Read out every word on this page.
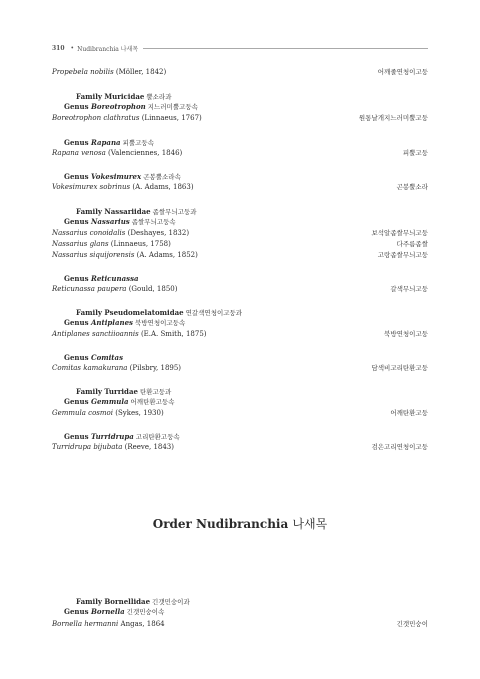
310 • Nudibranchia 나새목
Propebela nobilis (Möller, 1842)	어깨줄연청이고둥
Family Muricidae 뿔소라과
Genus Boreotrophon 지느러미뿔고둥속
Boreotrophon clathratus (Linnaeus, 1767)	원통날개지느러미뿔고둥
Genus Rapana 피뿔고둥속
Rapana venosa (Valenciennes, 1846)	피뿔고둥
Genus Vokesimurex 곤봉뿔소라속
Vokesimurex sobrinus (A. Adams, 1863)	곤봉뿔소라
Family Nassariidae 좁쌀무늬고둥과
Genus Nassarius 좁쌀무늬고둥속
Nassarius conoidalis (Deshayes, 1832)	보석알좁쌀무늬고둥
Nassarius glans (Linnaeus, 1758)	다주름좁쌀
Nassarius siquijorensis (A. Adams, 1852)	고랑좁쌀무늬고둥
Genus Reticunassa
Reticunassa paupera (Gould, 1850)	갈색무늬고둥
Family Pseudomelatomidae 연갈색연청이고둥과
Genus Antiplanes 북방연청이고둥속
Antiplanes sanctiioannis (E.A. Smith, 1875)	북방연청이고둥
Genus Comitas
Comitas kamakurana (Pilsbry, 1895)	담색비고리탄환고둥
Family Turridae 탄환고둥과
Genus Gemmula 어깨탄환고둥속
Gemmula cosmoi (Sykes, 1930)	어깨탄환고둥
Genus Turridrupa 고리탄환고둥속
Turridrupa bijubata (Reeve, 1843)	검은고리연청이고둥
Family Bornellidae 긴갯민숭이과
Genus Bornella 긴갯민숭이속
Bornella hermanni Angas, 1864	긴갯민숭이
Order Nudibranchia 나새목
